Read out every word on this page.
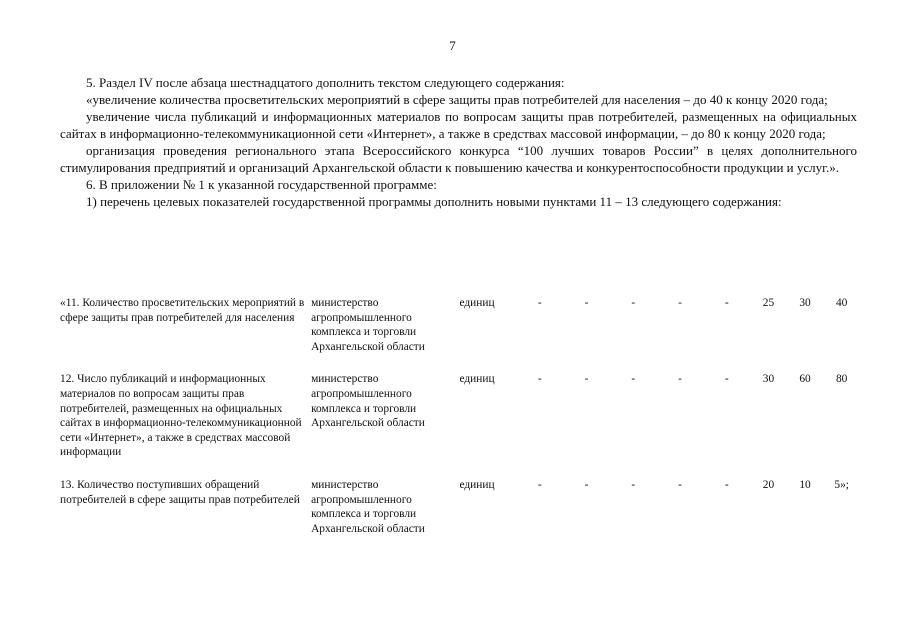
7

5. Раздел IV после абзаца шестнадцатого дополнить текстом следующего содержания:

«увеличение количества просветительских мероприятий в сфере защиты прав потребителей для населения – до 40 к концу 2020 года;

увеличение числа публикаций и информационных материалов по вопросам защиты прав потребителей, размещенных на официальных сайтах в информационно-телекоммуникационной сети «Интернет», а также в средствах массовой информации, – до 80 к концу 2020 года;

организация проведения регионального этапа Всероссийского конкурса “100 лучших товаров России” в целях дополнительного стимулирования предприятий и организаций Архангельской области к повышению качества и конкурентоспособности продукции и услуг.».

6. В приложении № 1 к указанной государственной программе:

1) перечень целевых показателей государственной программы дополнить новыми пунктами 11 – 13 следующего содержания:

«11. Количество просветительских мероприятий в сфере защиты прав потребителей для населения	министерство агропромышленного комплекса и торговли Архангельской области	единиц	-	-	-	-	-	25	30	40
12. Число публикаций и информационных материалов по вопросам защиты прав потребителей, размещенных на официальных сайтах в информационно-телекоммуникационной сети «Интернет», а также в средствах массовой информации	министерство агропромышленного комплекса и торговли Архангельской области	единиц	-	-	-	-	-	30	60	80
13. Количество поступивших обращений потребителей в сфере защиты прав потребителей	министерство агропромышленного комплекса и торговли Архангельской области	единиц	-	-	-	-	-	20	10	5»;
